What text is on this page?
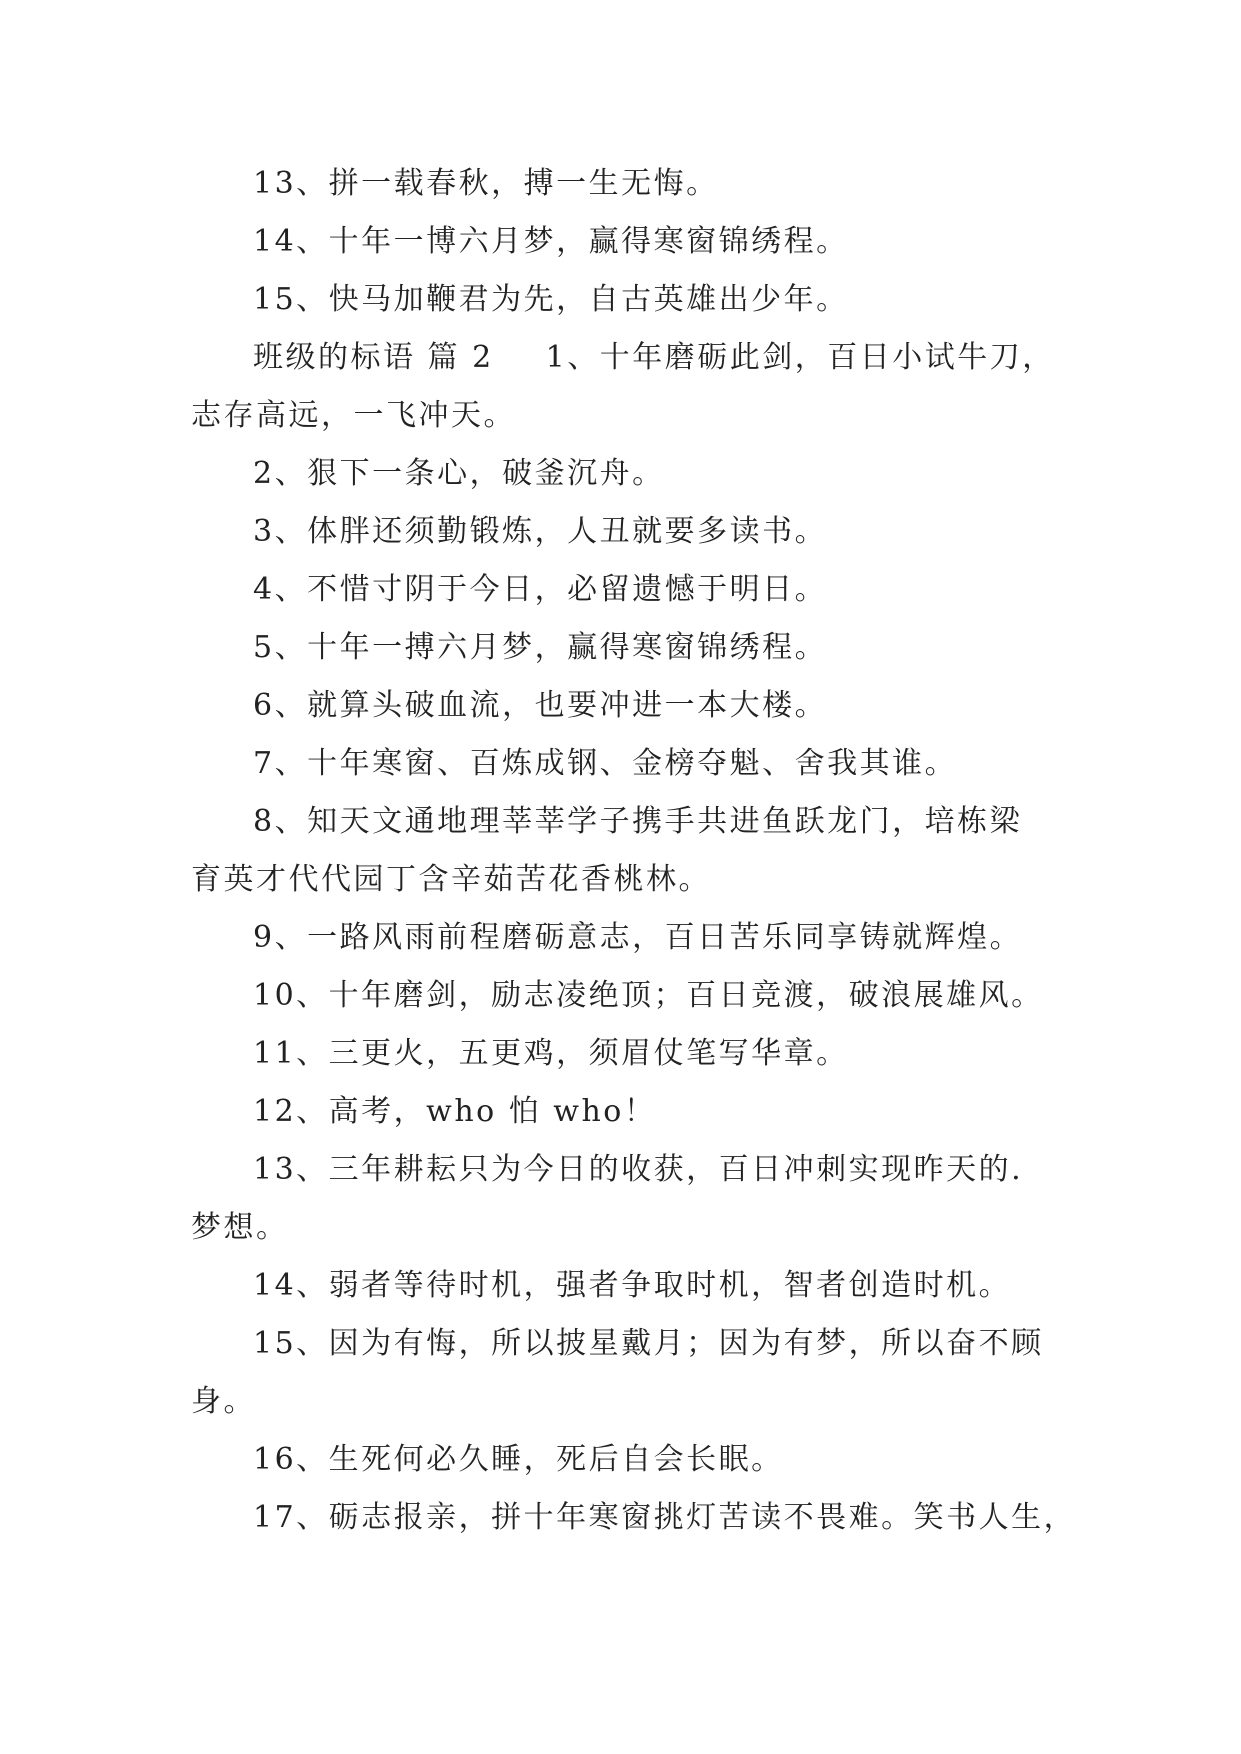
13、拼一载春秋，搏一生无悔。
14、十年一博六月梦，赢得寒窗锦绣程。
15、快马加鞭君为先，自古英雄出少年。
班级的标语 篇 2 1、十年磨砺此剑，百日小试牛刀，
志存高远，一飞冲天。
2、狠下一条心，破釜沉舟。
3、体胖还须勤锻炼，人丑就要多读书。
4、不惜寸阴于今日，必留遗憾于明日。
5、十年一搏六月梦，赢得寒窗锦绣程。
6、就算头破血流，也要冲进一本大楼。
7、十年寒窗、百炼成钢、金榜夺魁、舍我其谁。
8、知天文通地理莘莘学子携手共进鱼跃龙门，培栋梁
育英才代代园丁含辛茹苦花香桃林。
9、一路风雨前程磨砺意志，百日苦乐同享铸就辉煌。
10、十年磨剑，励志凌绝顶；百日竞渡，破浪展雄风。
11、三更火，五更鸡，须眉仗笔写华章。
12、高考，who 怕 who！
13、三年耕耘只为今日的收获，百日冲刺实现昨天的.
梦想。
14、弱者等待时机，强者争取时机，智者创造时机。
15、因为有悔，所以披星戴月；因为有梦，所以奋不顾
身。
16、生死何必久睡，死后自会长眠。
17、砺志报亲，拼十年寒窗挑灯苦读不畏难。笑书人生，
